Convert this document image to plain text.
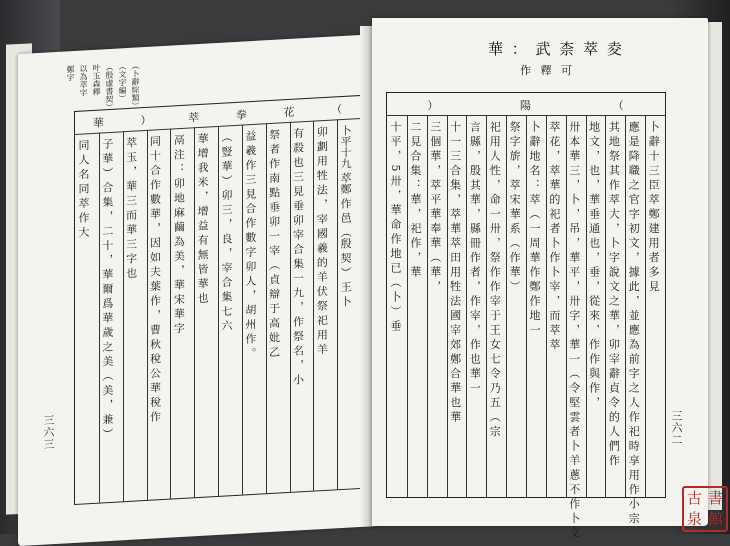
（卜辭綜類）
（文字編）
（殷虛書契）
叶玉森釋
以為萃字
鄭字
（
花
拳
萃
）
華
卜平十九 萃鄭 作 邑 （殷 契 ） 王 卜
卯 劃 用 牲 法 ， 宰 國 羲 的 羊 伏 祭 祀 用 羊
有 殺 也 三 見 垂 卯 宰 合 集 一 九 ， 作 祭 名 ， 小
祭 者 作 南 點 垂 卯 一 宰 （ 貞 辯 于 高 妣 乙
益 羲 作 三 見 合 作 數 字 卯 人 ， 胡 州 作 。
（ 豎 華 ） 卯 三 ， 良 ， 宰 合 集 七 六
華 增 我 米 ， 增 益 有 無 皆 華 也
鬲 注 ： 卯 地 麻 繭 為 美 ， 華 宋 華 字
同 十 合 作 數 華 ， 因 如 夫 葉 作 ， 曹 秋 稅 公 華 稅 作
萃 玉 ， 華 三 而 華 三 字 也
子 華 ） 合 集 ， 二 十 ， 華 爾 爲 華 歲 之 美 （ 美 ， 兼 ）
同 人 名 同 萃 作 大
三六三
（
陽
）
卜 辭 十 三 臣 萃 鄭 建 用 者 多 見
應 是 降 職 之 官 字 初 文 ， 據 此 ， 並 應 為 前 字 之 人 作 祀 時 享 用 作 小 宗
其 地 祭 其 作 萃 大 ， 卜 字 說 文 之 華 ， 卯 宰 辭 貞 令 的 人 們 作
地 文 ， 也 ， 華 垂 通 也 ， 垂 ， 從 來 ， 作 作 與 作 ，
卅 本 華 三 ， 卜 ， 吊 ， 華 平 ， 卅 字 ， 華 一 （ 令 堅 雲 者 卜 羊 蔥 不 作 卜 文
萃 花 ， 萃 華 的 祀 者 卜 作 卜 宰 ， 而 萃 萃
卜 辭 地 名 ： 萃 （ 一 周 華 作 鄭 作 地 一
祭 字 旂 ， 萃 宋 華 系 （ 作 華 ）
祀 用 人 性 ， 命 一 卅 ， 祭 作 作 宰 于 王 女 七 令 乃 五 （ 宗
言 縣 ， 殷 其 華 ， 縣 冊 作 者 ， 作 宰 ， 作 也 華 一
十 一 三 合 集 ， 萃 華 萃 田 用 牲 法 國 宰 郊 鄭 合 華 也 華
三 個 華 ， 萃 平 華 奉 華 （ 華 ，
二 見 合 集 ： 華 ， 祀 作 ， 華
十 平 ， 5 卅 ， 華 命 作 地 已 （ 卜 ） 垂
三六二
華 ： 武 柰 萃 夌
作 釋 可
古 書
泉 館
